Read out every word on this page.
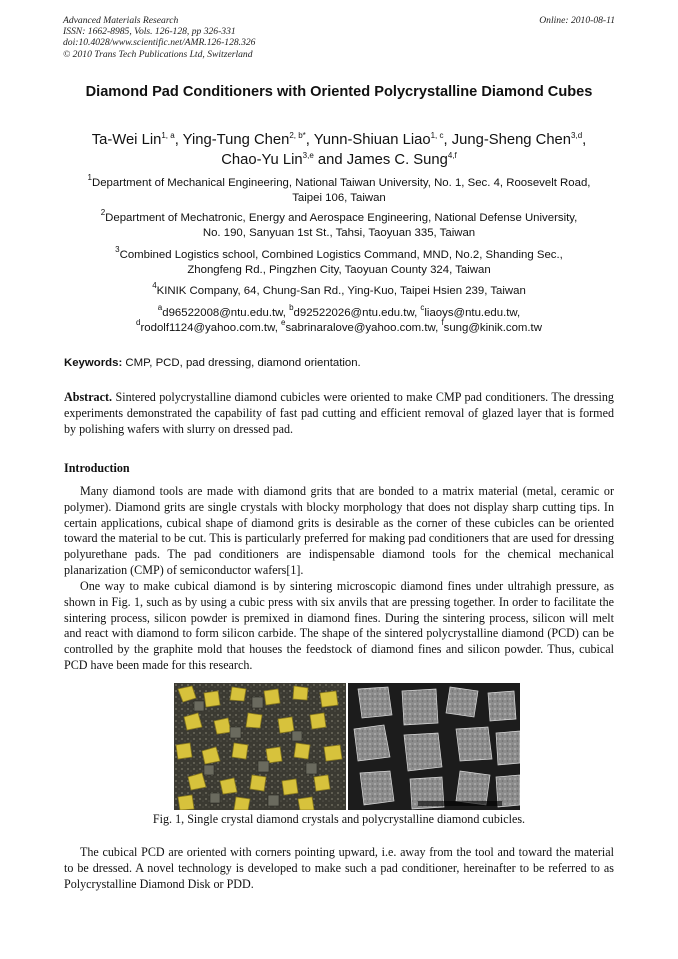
Advanced Materials Research
ISSN: 1662-8985, Vols. 126-128, pp 326-331
doi:10.4028/www.scientific.net/AMR.126-128.326
© 2010 Trans Tech Publications Ltd, Switzerland
Online: 2010-08-11
Diamond Pad Conditioners with Oriented Polycrystalline Diamond Cubes
Ta-Wei Lin$^{1, a}$, Ying-Tung Chen$^{2, b*}$, Yunn-Shiuan Liao$^{1, c}$, Jung-Sheng Chen$^{3,d}$,
Chao-Yu Lin$^{3,e}$ and James C. Sung$^{4,f}$
$^1$Department of Mechanical Engineering, National Taiwan University, No. 1, Sec. 4, Roosevelt Road,
Taipei 106, Taiwan
$^2$Department of Mechatronic, Energy and Aerospace Engineering, National Defense University,
No. 190, Sanyuan 1st St., Tahsi, Taoyuan 335, Taiwan
$^3$Combined Logistics school, Combined Logistics Command, MND, No.2, Shanding Sec.,
Zhongfeng Rd., Pingzhen City, Taoyuan County 324, Taiwan
$^4$KINIK Company, 64, Chung-San Rd., Ying-Kuo, Taipei Hsien 239, Taiwan
$^a$d96522008@ntu.edu.tw, $^b$d92522026@ntu.edu.tw, $^c$liaoys@ntu.edu.tw,
$^d$rodolf1124@yahoo.com.tw, $^e$sabrinaralove@yahoo.com.tw, $^f$sung@kinik.com.tw
Keywords: CMP, PCD, pad dressing, diamond orientation.
Abstract. Sintered polycrystalline diamond cubicles were oriented to make CMP pad conditioners. The dressing experiments demonstrated the capability of fast pad cutting and efficient removal of glazed layer that is formed by polishing wafers with slurry on dressed pad.
Introduction
Many diamond tools are made with diamond grits that are bonded to a matrix material (metal, ceramic or polymer). Diamond grits are single crystals with blocky morphology that does not display sharp cutting tips. In certain applications, cubical shape of diamond grits is desirable as the corner of these cubicles can be oriented toward the material to be cut. This is particularly preferred for making pad conditioners that are used for dressing polyurethane pads. The pad conditioners are indispensable diamond tools for the chemical mechanical planarization (CMP) of semiconductor wafers[1].
One way to make cubical diamond is by sintering microscopic diamond fines under ultrahigh pressure, as shown in Fig. 1, such as by using a cubic press with six anvils that are pressing together. In order to facilitate the sintering process, silicon powder is premixed in diamond fines. During the sintering process, silicon will melt and react with diamond to form silicon carbide. The shape of the sintered polycrystalline diamond (PCD) can be controlled by the graphite mold that houses the feedstock of diamond fines and silicon powder. Thus, cubical PCD have been made for this research.
Fig. 1, Single crystal diamond crystals and polycrystalline diamond cubicles.
The cubical PCD are oriented with corners pointing upward, i.e. away from the tool and toward the material to be dressed. A novel technology is developed to make such a pad conditioner, hereinafter to be referred to as Polycrystalline Diamond Disk or PDD.
